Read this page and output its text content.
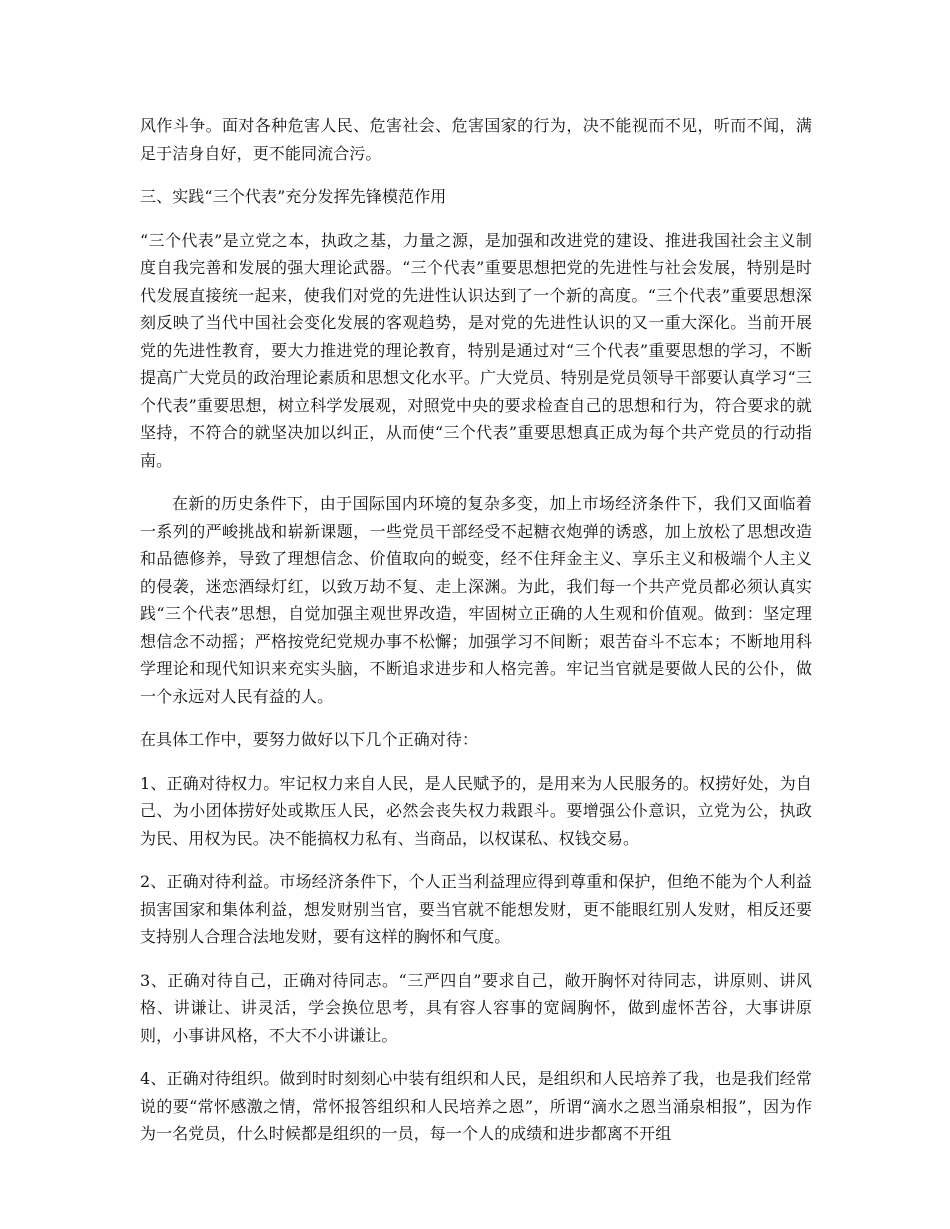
风作斗争。面对各种危害人民、危害社会、危害国家的行为，决不能视而不见，听而不闻，满足于洁身自好，更不能同流合污。

三、实践“三个代表”充分发挥先锋模范作用

“三个代表”是立党之本，执政之基，力量之源，是加强和改进党的建设、推进我国社会主义制度自我完善和发展的强大理论武器。“三个代表”重要思想把党的先进性与社会发展，特别是时代发展直接统一起来，使我们对党的先进性认识达到了一个新的高度。“三个代表”重要思想深刻反映了当代中国社会变化发展的客观趋势，是对党的先进性认识的又一重大深化。当前开展党的先进性教育，要大力推进党的理论教育，特别是通过对“三个代表”重要思想的学习，不断提高广大党员的政治理论素质和思想文化水平。广大党员、特别是党员领导干部要认真学习“三个代表”重要思想，树立科学发展观，对照党中央的要求检查自己的思想和行为，符合要求的就坚持，不符合的就坚决加以纠正，从而使“三个代表”重要思想真正成为每个共产党员的行动指南。

在新的历史条件下，由于国际国内环境的复杂多变，加上市场经济条件下，我们又面临着一系列的严峻挑战和崭新课题，一些党员干部经受不起糖衣炮弹的诱惑，加上放松了思想改造和品德修养，导致了理想信念、价值取向的蜕变，经不住拜金主义、享乐主义和极端个人主义的侵袭，迷恋酒绿灯红，以致万劫不复、走上深渊。为此，我们每一个共产党员都必须认真实践“三个代表”思想，自觉加强主观世界改造，牢固树立正确的人生观和价值观。做到：坚定理想信念不动摇；严格按党纪党规办事不松懈；加强学习不间断；艰苦奋斗不忘本；不断地用科学理论和现代知识来充实头脑，不断追求进步和人格完善。牢记当官就是要做人民的公仆，做一个永远对人民有益的人。

在具体工作中，要努力做好以下几个正确对待：

1、正确对待权力。牢记权力来自人民，是人民赋予的，是用来为人民服务的。权捞好处，为自己、为小团体捞好处或欺压人民，必然会丧失权力栽跟斗。要增强公仆意识，立党为公，执政为民、用权为民。决不能搞权力私有、当商品，以权谋私、权钱交易。

2、正确对待利益。市场经济条件下，个人正当利益理应得到尊重和保护，但绝不能为个人利益损害国家和集体利益，想发财别当官，要当官就不能想发财，更不能眼红别人发财，相反还要支持别人合理合法地发财，要有这样的胸怀和气度。

3、正确对待自己，正确对待同志。“三严四自”要求自己，敞开胸怀对待同志，讲原则、讲风格、讲谦让、讲灵活，学会换位思考，具有容人容事的宽阔胸怀，做到虚怀苦谷，大事讲原则，小事讲风格，不大不小讲谦让。

4、正确对待组织。做到时时刻刻心中装有组织和人民，是组织和人民培养了我，也是我们经常说的要“常怀感激之情，常怀报答组织和人民培养之恩”，所谓“滴水之恩当涌泉相报”，因为作为一名党员，什么时候都是组织的一员，每一个人的成绩和进步都离不开组
